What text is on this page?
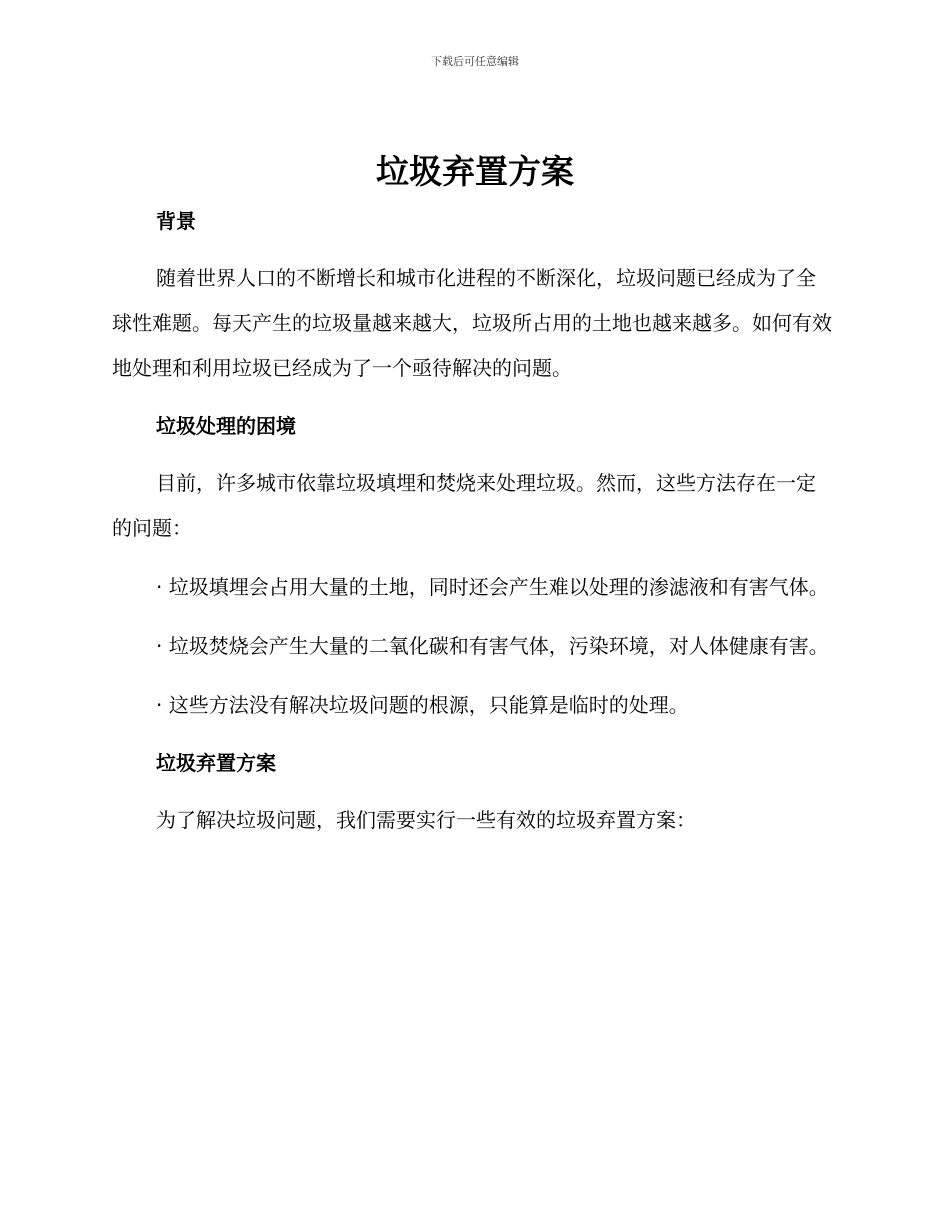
下载后可任意编辑
垃圾弃置方案
背景

随着世界人口的不断增长和城市化进程的不断深化，垃圾问题已经成为了全球性难题。每天产生的垃圾量越来越大，垃圾所占用的土地也越来越多。如何有效地处理和利用垃圾已经成为了一个亟待解决的问题。

垃圾处理的困境

目前，许多城市依靠垃圾填埋和焚烧来处理垃圾。然而，这些方法存在一定的问题：

· 垃圾填埋会占用大量的土地，同时还会产生难以处理的渗滤液和有害气体。

· 垃圾焚烧会产生大量的二氧化碳和有害气体，污染环境，对人体健康有害。

· 这些方法没有解决垃圾问题的根源，只能算是临时的处理。

垃圾弃置方案

为了解决垃圾问题，我们需要实行一些有效的垃圾弃置方案：
